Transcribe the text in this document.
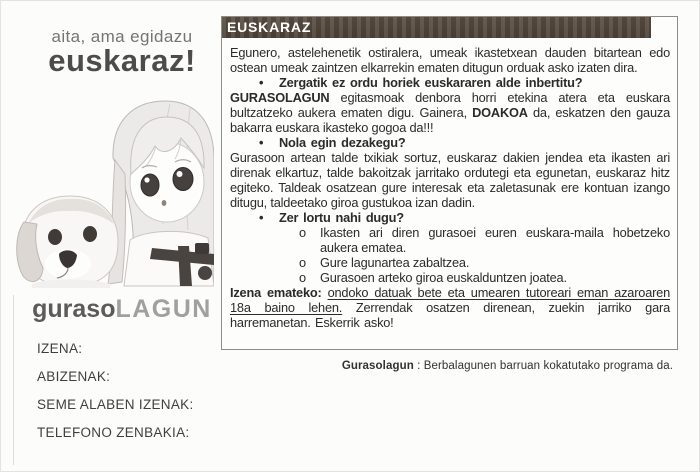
aita, ama egidazu
euskaraz!
gurasoLAGUN
IZENA:
ABIZENAK:
SEME ALABEN IZENAK:
TELEFONO ZENBAKIA:
EUSKARAZ

Egunero, astelehenetik ostiralera, umeak ikastetxean dauden bitartean edo ostean umeak zaintzen elkarrekin ematen ditugun orduak asko izaten dira.

•	Zergatik ez ordu horiek euskararen alde inbertitu?

GURASOLAGUN egitasmoak denbora horri etekina atera eta euskara bultzatzeko aukera ematen digu. Gainera, DOAKOA da, eskatzen den gauza bakarra euskara ikasteko gogoa da!!!

•	Nola egin dezakegu?

Gurasoon artean talde txikiak sortuz, euskaraz dakien jendea eta ikasten ari direnak elkartuz, talde bakoitzak jarritako ordutegi eta egunetan, euskaraz hitz egiteko. Taldeak osatzean gure interesak eta zaletasunak ere kontuan izango ditugu, taldeetako giroa gustukoa izan dadin.

•	Zer lortu nahi dugu?
o	Ikasten ari diren gurasoei euren euskara-maila hobetzeko aukera ematea.
o	Gure lagunartea zabaltzea.
o	Gurasoen arteko giroa euskalduntzen joatea.

Izena emateko: ondoko datuak bete eta umearen tutoreari eman azaroaren 18a baino lehen. Zerrendak osatzen direnean, zuekin jarriko gara harremanetan. Eskerrik asko!

Gurasolagun : Berbalagunen barruan kokatutako programa da.
